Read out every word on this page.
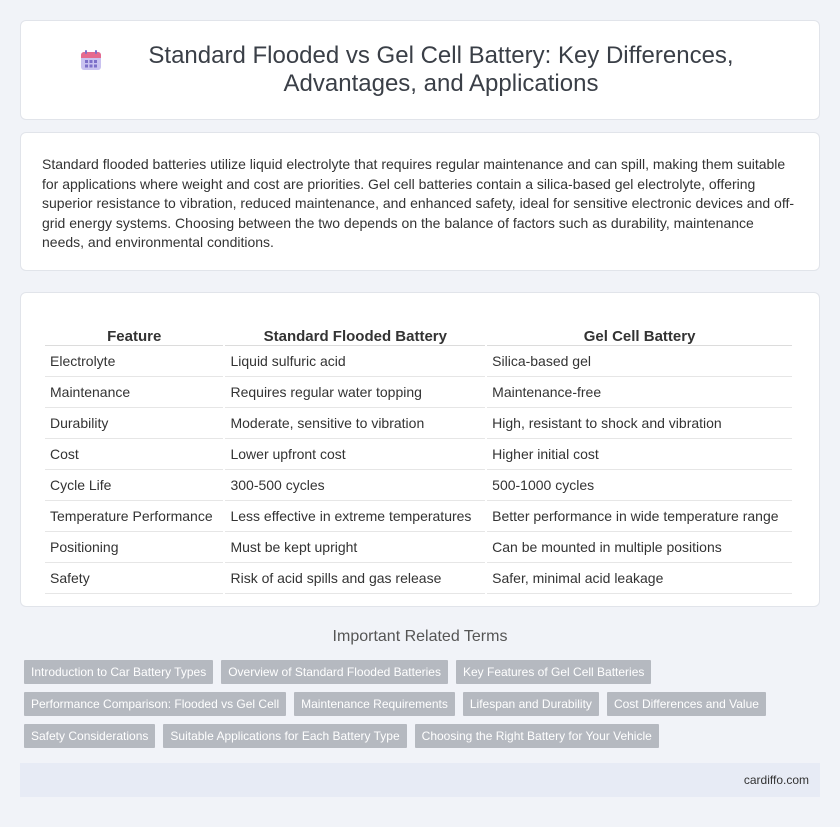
Standard Flooded vs Gel Cell Battery: Key Differences, Advantages, and Applications

Standard flooded batteries utilize liquid electrolyte that requires regular maintenance and can spill, making them suitable for applications where weight and cost are priorities. Gel cell batteries contain a silica-based gel electrolyte, offering superior resistance to vibration, reduced maintenance, and enhanced safety, ideal for sensitive electronic devices and off-grid energy systems. Choosing between the two depends on the balance of factors such as durability, maintenance needs, and environmental conditions.

Feature	Standard Flooded Battery	Gel Cell Battery
Electrolyte	Liquid sulfuric acid	Silica-based gel
Maintenance	Requires regular water topping	Maintenance-free
Durability	Moderate, sensitive to vibration	High, resistant to shock and vibration
Cost	Lower upfront cost	Higher initial cost
Cycle Life	300-500 cycles	500-1000 cycles
Temperature Performance	Less effective in extreme temperatures	Better performance in wide temperature range
Positioning	Must be kept upright	Can be mounted in multiple positions
Safety	Risk of acid spills and gas release	Safer, minimal acid leakage
Important Related Terms
Introduction to Car Battery Types	Overview of Standard Flooded Batteries	Key Features of Gel Cell Batteries
Performance Comparison: Flooded vs Gel Cell	Maintenance Requirements	Lifespan and Durability	Cost Differences and Value
Safety Considerations	Suitable Applications for Each Battery Type	Choosing the Right Battery for Your Vehicle
cardiffo.com
